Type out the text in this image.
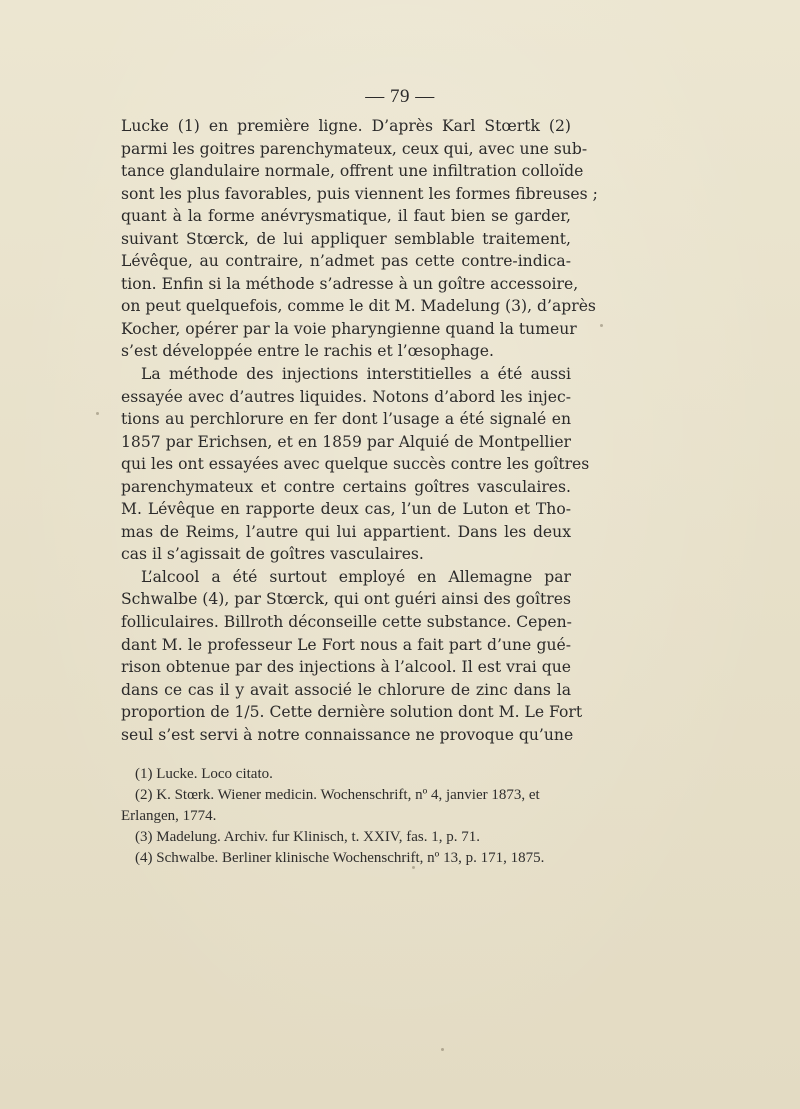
— 79 —
Lucke (1) en première ligne. D’après Karl Stœrtk (2)
parmi les goitres parenchymateux, ceux qui, avec une sub-
tance glandulaire normale, offrent une infiltration colloïde
sont les plus favorables, puis viennent les formes fibreuses ;
quant à la forme anévrysmatique, il faut bien se garder,
suivant Stœrck, de lui appliquer semblable traitement,
Lévêque, au contraire, n’admet pas cette contre-indica-
tion. Enfin si la méthode s’adresse à un goître accessoire,
on peut quelquefois, comme le dit M. Madelung (3), d’après
Kocher, opérer par la voie pharyngienne quand la tumeur
s’est développée entre le rachis et l’œsophage.
La méthode des injections interstitielles a été aussi
essayée avec d’autres liquides. Notons d’abord les injec-
tions au perchlorure en fer dont l’usage a été signalé en
1857 par Erichsen, et en 1859 par Alquié de Montpellier
qui les ont essayées avec quelque succès contre les goîtres
parenchymateux et contre certains goîtres vasculaires.
M. Lévêque en rapporte deux cas, l’un de Luton et Tho-
mas de Reims, l’autre qui lui appartient. Dans les deux
cas il s’agissait de goîtres vasculaires.
L’alcool a été surtout employé en Allemagne par
Schwalbe (4), par Stœrck, qui ont guéri ainsi des goîtres
folliculaires. Billroth déconseille cette substance. Cepen-
dant M. le professeur Le Fort nous a fait part d’une gué-
rison obtenue par des injections à l’alcool. Il est vrai que
dans ce cas il y avait associé le chlorure de zinc dans la
proportion de 1/5. Cette dernière solution dont M. Le Fort
seul s’est servi à notre connaissance ne provoque qu’une
(1) Lucke. Loco citato.
(2) K. Stœrk. Wiener medicin. Wochenschrift, nº 4, janvier 1873, et
Erlangen, 1774.
(3) Madelung. Archiv. fur Klinisch, t. XXIV, fas. 1, p. 71.
(4) Schwalbe. Berliner klinische Wochenschrift, nº 13, p. 171, 1875.
